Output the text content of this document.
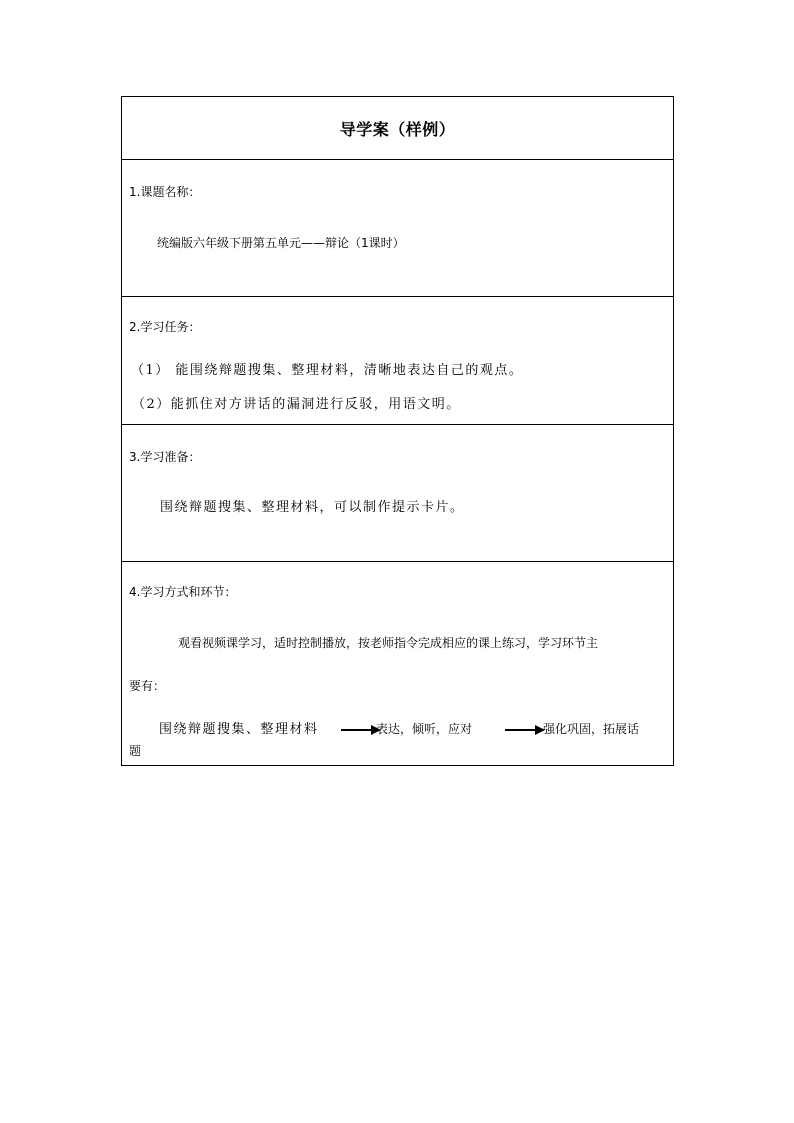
导学案（样例）
1.课题名称：
统编版六年级下册第五单元——辩论（1课时）
2.学习任务：
（1） 能围绕辩题搜集、整理材料，清晰地表达自己的观点。
（2）能抓住对方讲话的漏洞进行反驳，用语文明。
3.学习准备：
围绕辩题搜集、整理材料，可以制作提示卡片。
4.学习方式和环节：
观看视频课学习，适时控制播放，按老师指令完成相应的课上练习，学习环节主
要有：
围绕辩题搜集、整理材料	表达，倾听，应对	强化巩固，拓展话
题
